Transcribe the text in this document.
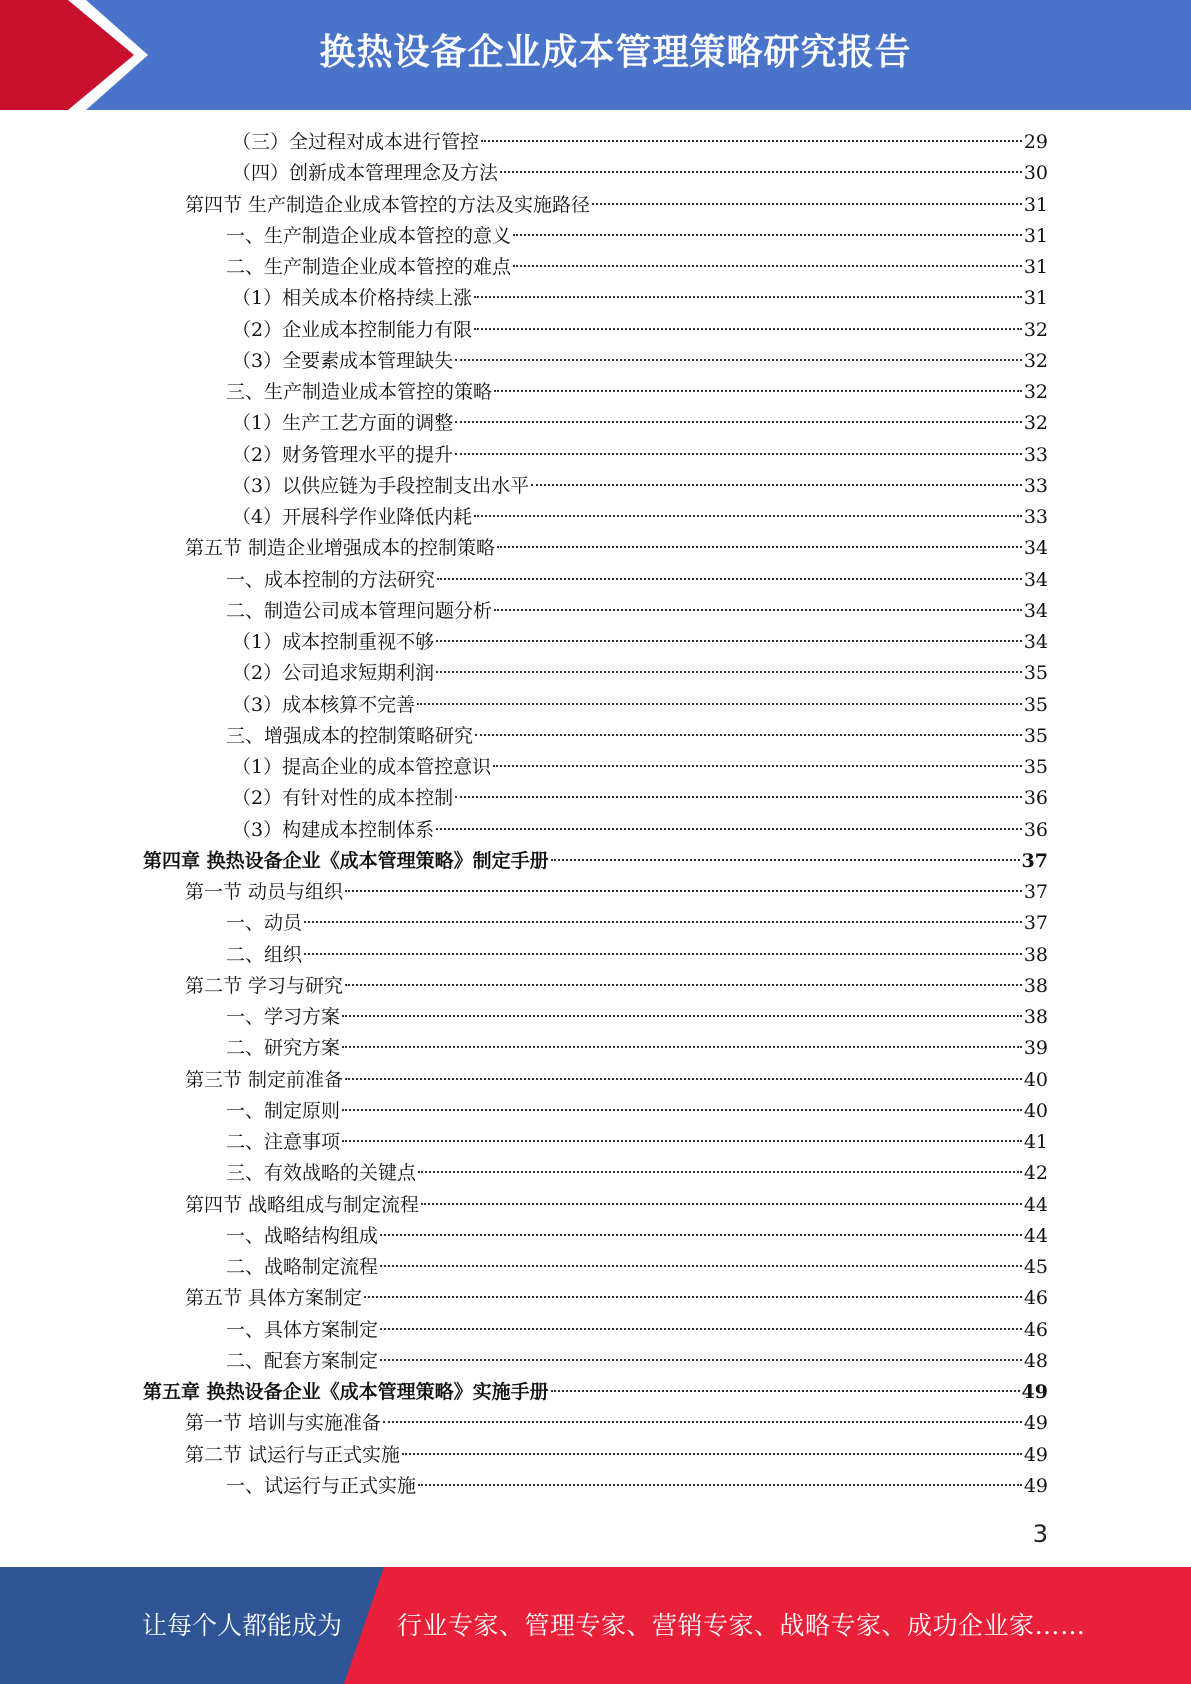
换热设备企业成本管理策略研究报告
（三）全过程对成本进行管控	29
（四）创新成本管理理念及方法	30
第四节 生产制造企业成本管控的方法及实施路径	31
一、生产制造企业成本管控的意义	31
二、生产制造企业成本管控的难点	31
（1）相关成本价格持续上涨	31
（2）企业成本控制能力有限	32
（3）全要素成本管理缺失	32
三、生产制造业成本管控的策略	32
（1）生产工艺方面的调整	32
（2）财务管理水平的提升	33
（3）以供应链为手段控制支出水平	33
（4）开展科学作业降低内耗	33
第五节 制造企业增强成本的控制策略	34
一、成本控制的方法研究	34
二、制造公司成本管理问题分析	34
（1）成本控制重视不够	34
（2）公司追求短期利润	35
（3）成本核算不完善	35
三、增强成本的控制策略研究	35
（1）提高企业的成本管控意识	35
（2）有针对性的成本控制	36
（3）构建成本控制体系	36
第四章 换热设备企业《成本管理策略》制定手册	37
第一节 动员与组织	37
一、动员	37
二、组织	38
第二节 学习与研究	38
一、学习方案	38
二、研究方案	39
第三节 制定前准备	40
一、制定原则	40
二、注意事项	41
三、有效战略的关键点	42
第四节 战略组成与制定流程	44
一、战略结构组成	44
二、战略制定流程	45
第五节 具体方案制定	46
一、具体方案制定	46
二、配套方案制定	48
第五章 换热设备企业《成本管理策略》实施手册	49
第一节 培训与实施准备	49
第二节 试运行与正式实施	49
一、试运行与正式实施	49
3
让每个人都能成为 行业专家、管理专家、营销专家、战略专家、成功企业家……
